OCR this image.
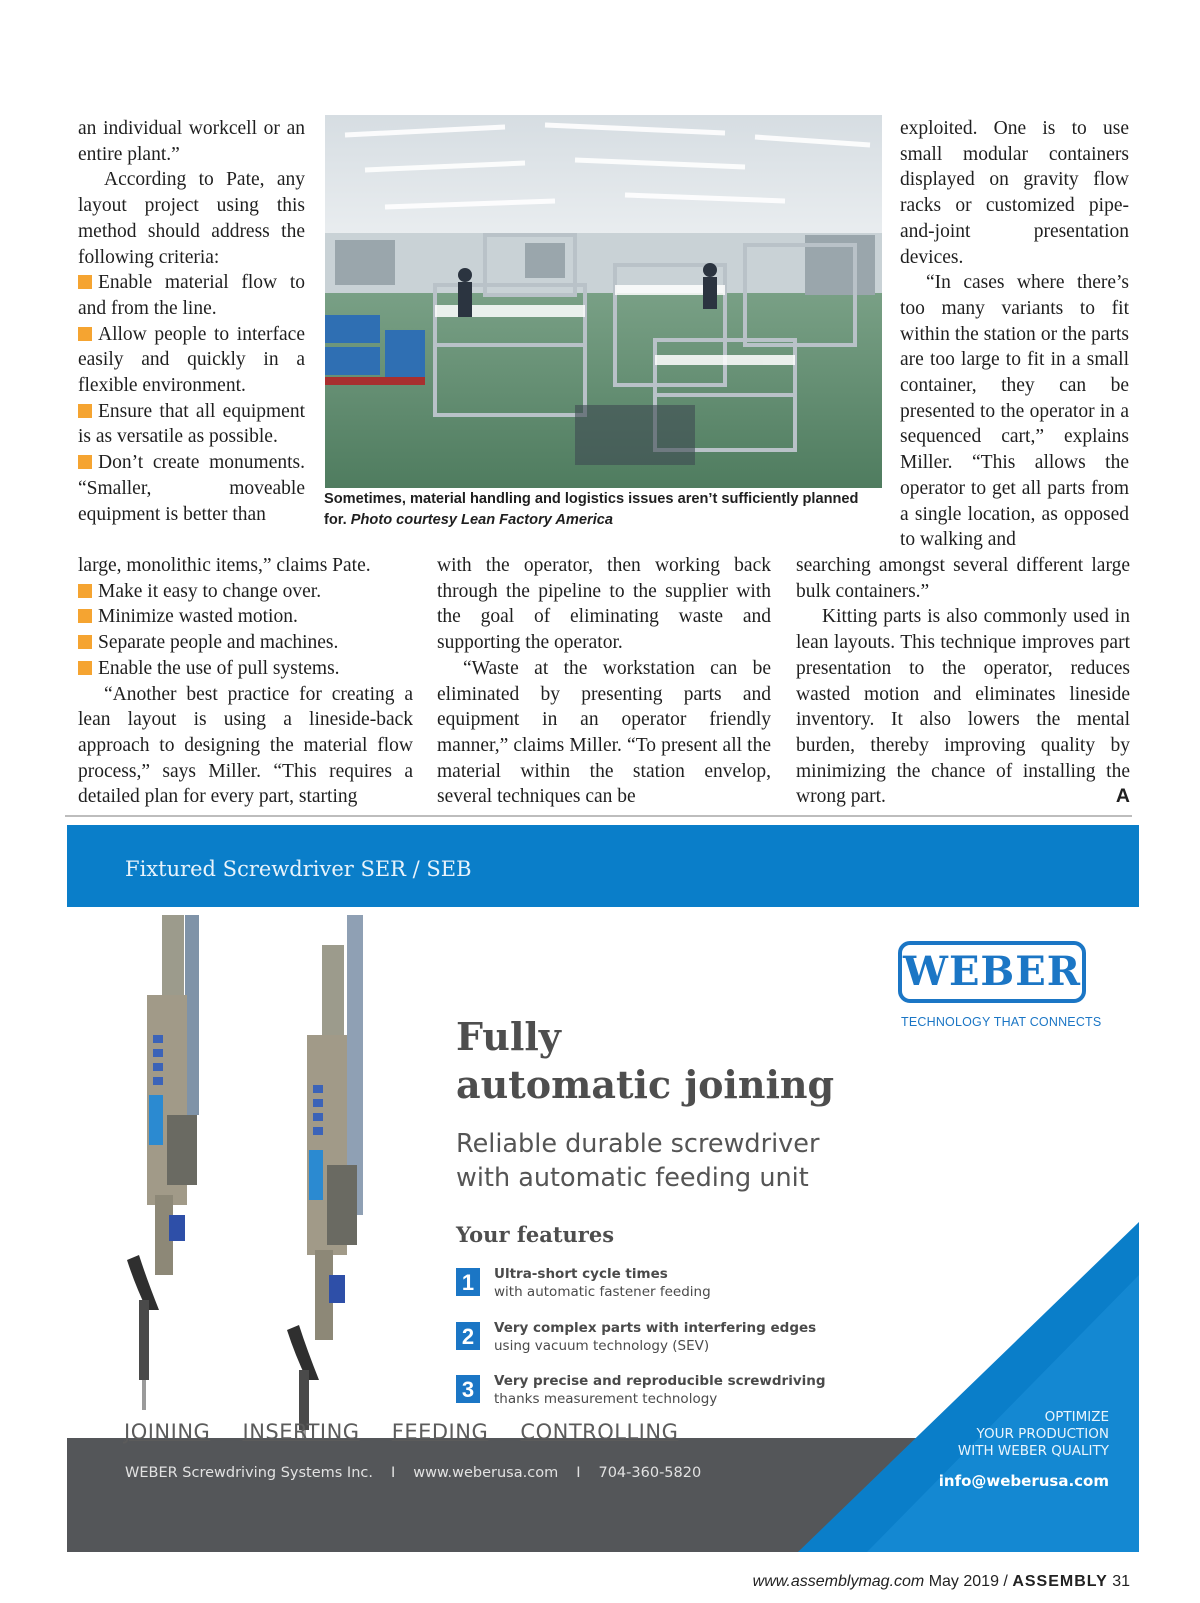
an individual workcell or an entire plant.”

According to Pate, any layout project using this method should address the following criteria:

Enable material flow to and from the line.
Allow people to interface easily and quickly in a flexible environment.
Ensure that all equipment is as versatile as possible.
Don’t create monuments. “Smaller, moveable equipment is better than
large, monolithic items,” claims Pate.
Make it easy to change over.
Minimize wasted motion.
Separate people and machines.
Enable the use of pull systems.

“Another best practice for creating a lean layout is using a lineside-back approach to designing the material flow process,” says Miller. “This requires a detailed plan for every part, starting

with the operator, then working back through the pipeline to the supplier with the goal of eliminating waste and supporting the operator.

“Waste at the workstation can be eliminated by presenting parts and equipment in an operator friendly manner,” claims Miller. “To present all the material within the station envelop, several techniques can be

exploited. One is to use small modular containers displayed on gravity flow racks or customized pipe-and-joint presentation devices.

“In cases where there’s too many variants to fit within the station or the parts are too large to fit in a small container, they can be presented to the operator in a sequenced cart,” explains Miller. “This allows the operator to get all parts from a single location, as opposed to walking and

searching amongst several different large bulk containers.”

Kitting parts is also commonly used in lean layouts. This technique improves part presentation to the operator, reduces wasted motion and eliminates lineside inventory. It also lowers the mental burden, thereby improving quality by minimizing the chance of installing the wrong part.	A

Sometimes, material handling and logistics issues aren’t sufficiently planned for. Photo courtesy Lean Factory America
Fixtured Screwdriver SER / SEB
WEBER
TECHNOLOGY THAT CONNECTS
Fully
automatic joining
Reliable durable screwdriver
with automatic feeding unit
Your features
1	Ultra-short cycle times
with automatic fastener feeding
2	Very complex parts with interfering edges
using vacuum technology (SEV)
3	Very precise and reproducible screwdriving
thanks measurement technology
JOINING INSERTING FEEDING CONTROLLING
WEBER Screwdriving Systems Inc. I www.weberusa.com I 704-360-5820
OPTIMIZE
YOUR PRODUCTION
WITH WEBER QUALITY
info@weberusa.com
www.assemblymag.com May 2019 / ASSEMBLY 31
